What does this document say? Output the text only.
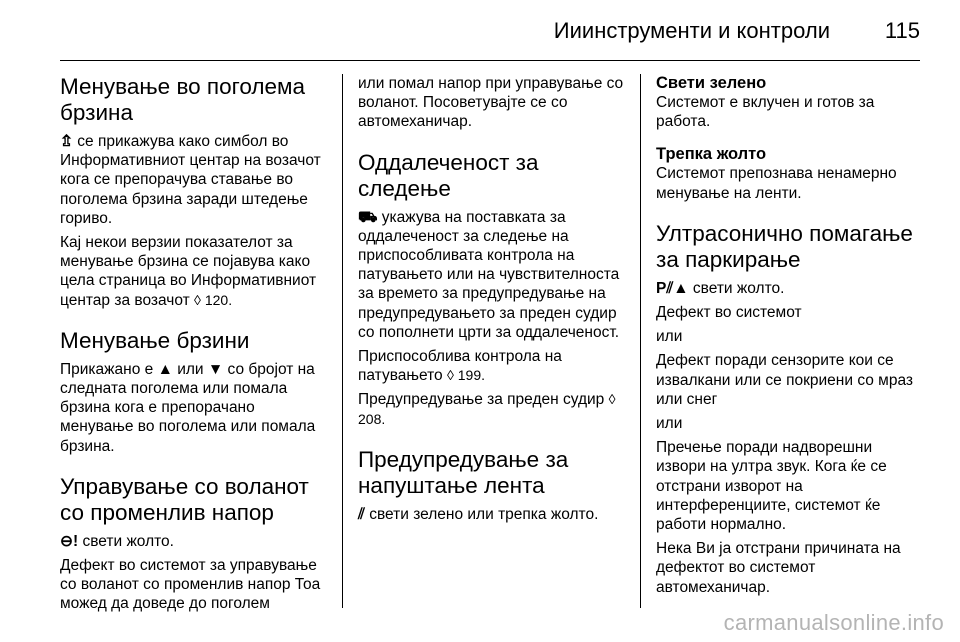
Ииинструменти и контроли	115
Менување во поголема брзина

⇬ се прикажува како симбол во Информативниот центар на возачот кога се препорачува ставање во поголема брзина заради штедење гориво.

Кај некои верзии показателот за менување брзина се појавува како цела страница во Информативниот центар за возачот ◊ 120.

Менување брзини

Прикажано е ▲ или ▼ со бројот на следната поголема или помала брзина кога е препорачано менување во поголема или помала брзина.

Управување со воланот со променлив напор

⊖! свети жолто.

Дефект во системот за управување со воланот со променлив напор Тоа можед да доведе до поголем

или помал напор при управување со воланот. Посоветувајте се со автомеханичар.

Оддалеченост за следење

⛟ укажува на поставката за оддалеченост за следење на приспособливата контрола на патувањето или на чувствителноста за времето за предупредување на предупредувањето за преден судир со пополнети црти за оддалеченост.

Приспособлива контрола на патувањето ◊ 199.

Предупредување за преден судир ◊ 208.

Предупредување за напуштање лента

⫽ свети зелено или трепка жолто.

Свети зелено

Системот е вклучен и готов за работа.

Трепка жолто

Системот препознава ненамерно менување на ленти.

Ултрасонично помагање за паркирање

P⫽▲ свети жолто.

Дефект во системот

или

Дефект поради сензорите кои се извалкани или се покриени со мраз или снег

или

Пречење поради надворешни извори на ултра звук. Кога ќе се отстрани изворот на интерференциите, системот ќе работи нормално.

Нека Ви ја отстрани причината на дефектот во системот автомеханичар.

carmanualsonline.info
